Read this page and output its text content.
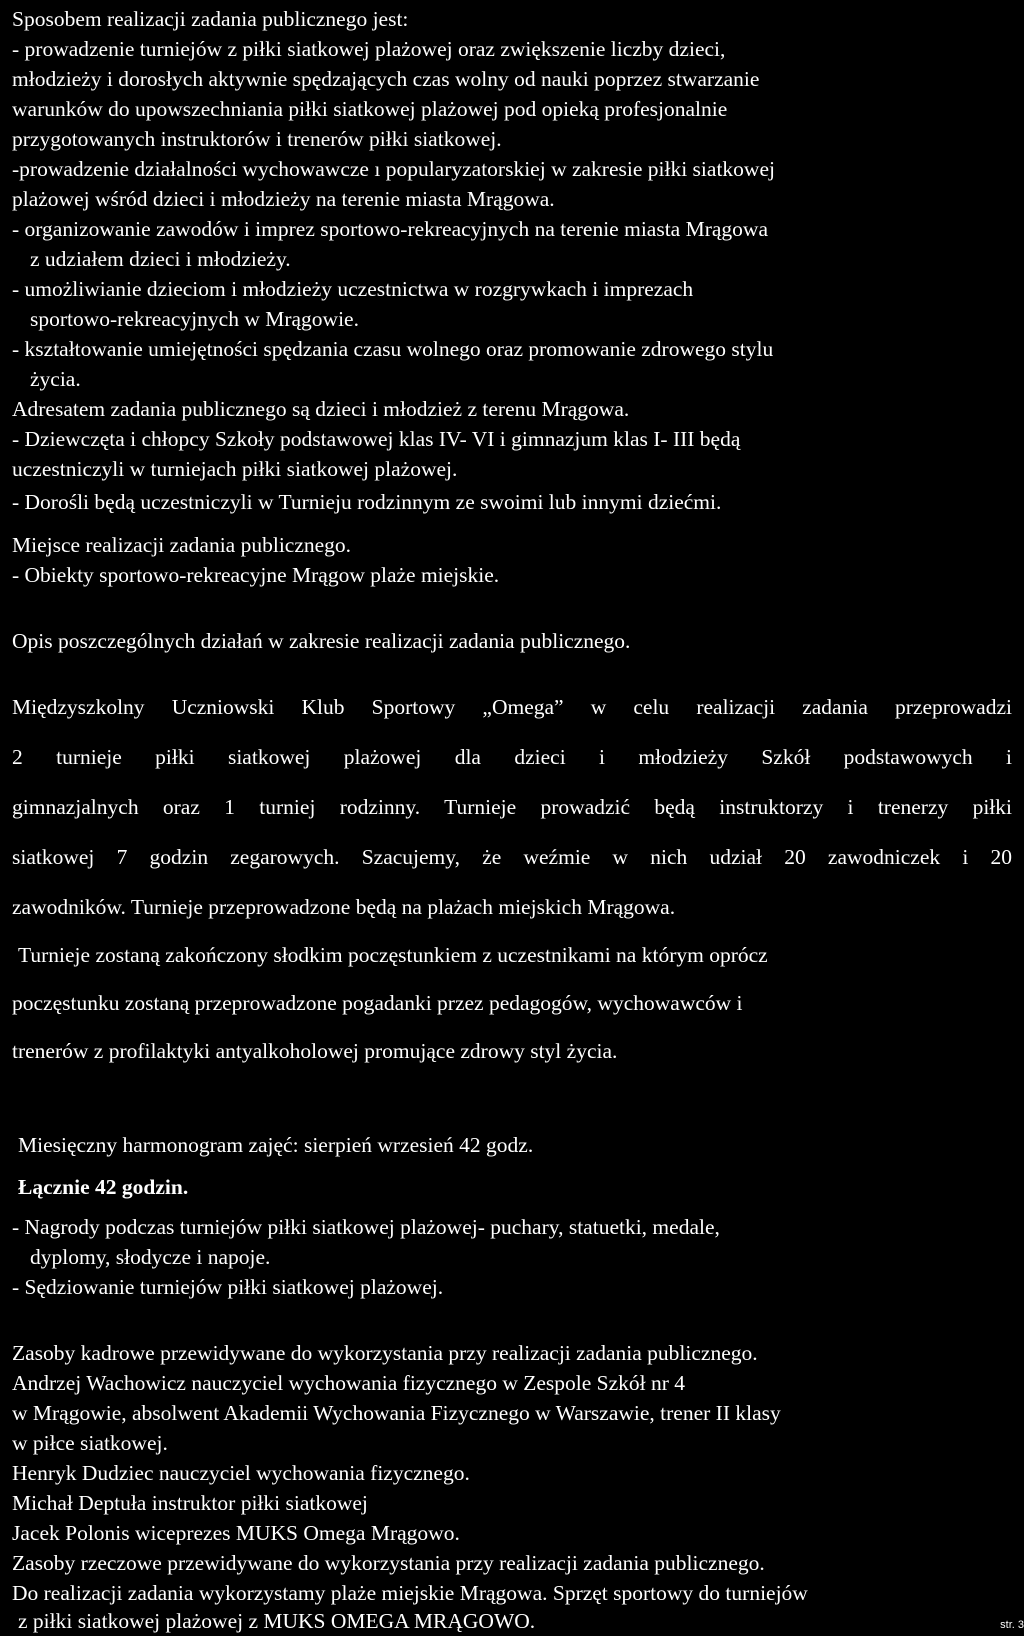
Sposobem realizacji zadania publicznego jest:
- prowadzenie turniejów z piłki siatkowej plażowej oraz zwiększenie liczby dzieci,
młodzieży i dorosłych aktywnie spędzających czas wolny od nauki poprzez stwarzanie
warunków do upowszechniania piłki siatkowej plażowej pod opieką profesjonalnie
przygotowanych instruktorów i trenerów piłki siatkowej.
-prowadzenie działalności wychowawcze ı popularyzatorskiej w zakresie piłki siatkowej
plażowej wśród dzieci i młodzieży na terenie miasta Mrągowa.
- organizowanie zawodów i imprez sportowo-rekreacyjnych na terenie miasta Mrągowa
z udziałem dzieci i młodzieży.
- umożliwianie dzieciom i młodzieży uczestnictwa w rozgrywkach i imprezach
sportowo-rekreacyjnych w Mrągowie.
- kształtowanie umiejętności spędzania czasu wolnego oraz promowanie zdrowego stylu
życia.
Adresatem zadania publicznego są dzieci i młodzież z terenu Mrągowa.
- Dziewczęta i chłopcy Szkoły podstawowej klas IV- VI i gimnazjum klas I- III będą
uczestniczyli w turniejach piłki siatkowej plażowej.
- Dorośli będą uczestniczyli w Turnieju rodzinnym ze swoimi lub innymi dziećmi.
Miejsce realizacji zadania publicznego.
- Obiekty sportowo-rekreacyjne Mrągow plaże miejskie.
Opis poszczególnych działań w zakresie realizacji zadania publicznego.
Międzyszkolny Uczniowski Klub Sportowy „Omega” w celu realizacji zadania przeprowadzi
2 turnieje piłki siatkowej plażowej dla dzieci i młodzieży Szkół podstawowych i
gimnazjalnych oraz 1 turniej rodzinny. Turnieje prowadzić będą instruktorzy i trenerzy piłki
siatkowej 7 godzin zegarowych. Szacujemy, że weźmie w nich udział 20 zawodniczek i 20
zawodników. Turnieje przeprowadzone będą na plażach miejskich Mrągowa.
Turnieje zostaną zakończony słodkim poczęstunkiem z uczestnikami na którym oprócz
poczęstunku zostaną przeprowadzone pogadanki przez pedagogów, wychowawców i
trenerów z profilaktyki antyalkoholowej promujące zdrowy styl życia.
Miesięczny harmonogram zajęć: sierpień wrzesień 42 godz.
Łącznie 42 godzin.
- Nagrody podczas turniejów piłki siatkowej plażowej- puchary, statuetki, medale,
dyplomy, słodycze i napoje.
- Sędziowanie turniejów piłki siatkowej plażowej.
Zasoby kadrowe przewidywane do wykorzystania przy realizacji zadania publicznego.
Andrzej Wachowicz nauczyciel wychowania fizycznego w Zespole Szkół nr 4
w Mrągowie, absolwent Akademii Wychowania Fizycznego w Warszawie, trener II klasy
w piłce siatkowej.
Henryk Dudziec nauczyciel wychowania fizycznego.
Michał Deptuła instruktor piłki siatkowej
Jacek Polonis wiceprezes MUKS Omega Mrągowo.
Zasoby rzeczowe przewidywane do wykorzystania przy realizacji zadania publicznego.
Do realizacji zadania wykorzystamy plaże miejskie Mrągowa. Sprzęt sportowy do turniejów
z piłki siatkowej plażowej z MUKS OMEGA MRĄGOWO.	str. 3
